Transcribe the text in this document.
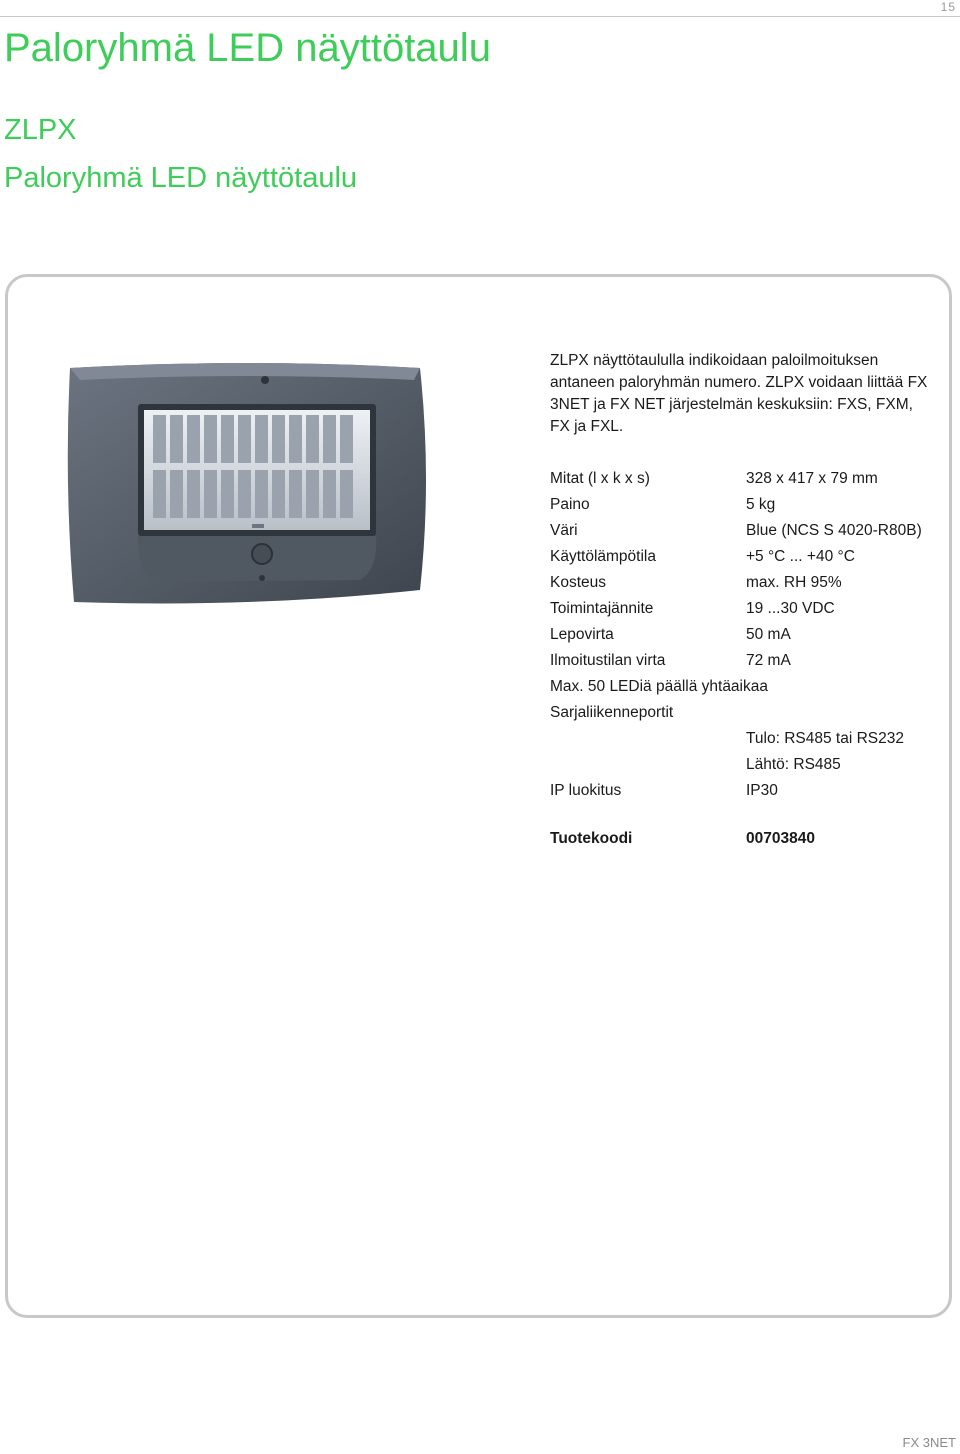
15
Paloryhmä LED näyttötaulu
ZLPX
Paloryhmä LED näyttötaulu

ZLPX näyttötaululla indikoidaan paloilmoituksen antaneen paloryhmän numero. ZLPX voidaan liittää FX 3NET ja FX NET järjestelmän keskuksiin: FXS, FXM, FX ja FXL.

Mitat (l x k x s)	328 x 417 x 79 mm
Paino	5 kg
Väri	Blue (NCS S 4020-R80B)
Käyttölämpötila	+5 °C ... +40 °C
Kosteus	max. RH 95%
Toimintajännite	19 ...30 VDC
Lepovirta	50 mA
Ilmoitustilan virta	72 mA
Max. 50 LEDiä päällä yhtäaikaa	
Sarjaliikenneportit	
	Tulo: RS485 tai RS232
	Lähtö: RS485
IP luokitus	IP30
Tuotekoodi	00703840
FX 3NET
